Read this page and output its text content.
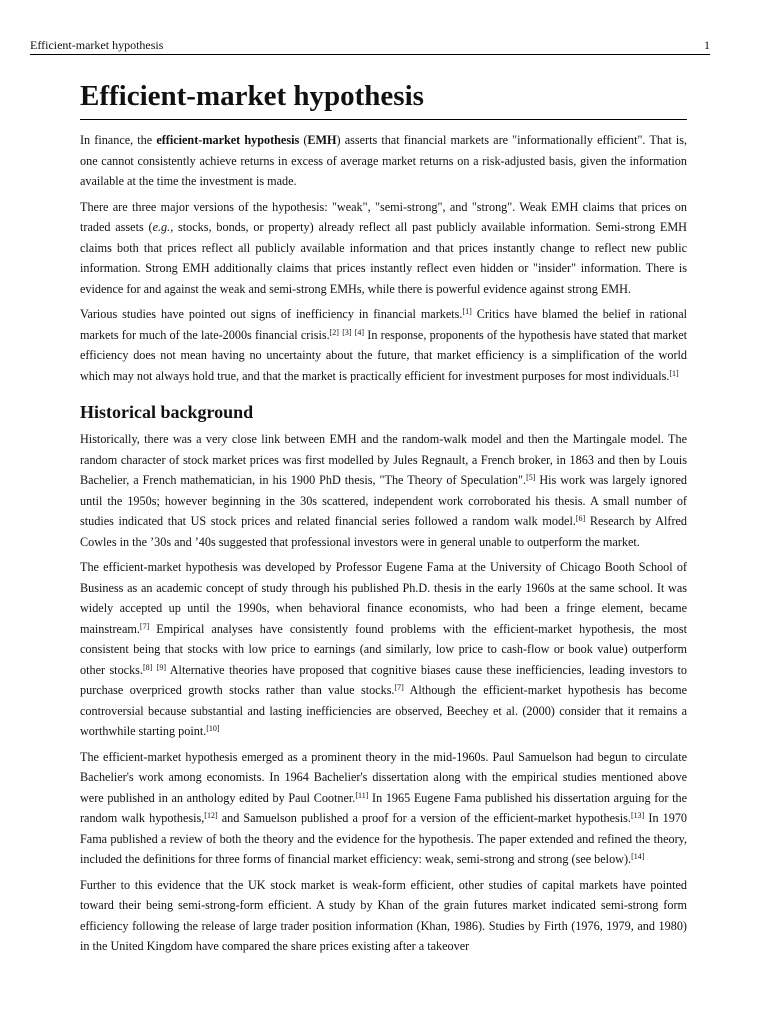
Efficient-market hypothesis	1
Efficient-market hypothesis

In finance, the efficient-market hypothesis (EMH) asserts that financial markets are "informationally efficient". That is, one cannot consistently achieve returns in excess of average market returns on a risk-adjusted basis, given the information available at the time the investment is made.

There are three major versions of the hypothesis: "weak", "semi-strong", and "strong". Weak EMH claims that prices on traded assets (e.g., stocks, bonds, or property) already reflect all past publicly available information. Semi-strong EMH claims both that prices reflect all publicly available information and that prices instantly change to reflect new public information. Strong EMH additionally claims that prices instantly reflect even hidden or "insider" information. There is evidence for and against the weak and semi-strong EMHs, while there is powerful evidence against strong EMH.

Various studies have pointed out signs of inefficiency in financial markets.[1] Critics have blamed the belief in rational markets for much of the late-2000s financial crisis.[2] [3] [4] In response, proponents of the hypothesis have stated that market efficiency does not mean having no uncertainty about the future, that market efficiency is a simplification of the world which may not always hold true, and that the market is practically efficient for investment purposes for most individuals.[1]

Historical background

Historically, there was a very close link between EMH and the random-walk model and then the Martingale model. The random character of stock market prices was first modelled by Jules Regnault, a French broker, in 1863 and then by Louis Bachelier, a French mathematician, in his 1900 PhD thesis, "The Theory of Speculation".[5] His work was largely ignored until the 1950s; however beginning in the 30s scattered, independent work corroborated his thesis. A small number of studies indicated that US stock prices and related financial series followed a random walk model.[6] Research by Alfred Cowles in the ’30s and ’40s suggested that professional investors were in general unable to outperform the market.

The efficient-market hypothesis was developed by Professor Eugene Fama at the University of Chicago Booth School of Business as an academic concept of study through his published Ph.D. thesis in the early 1960s at the same school. It was widely accepted up until the 1990s, when behavioral finance economists, who had been a fringe element, became mainstream.[7] Empirical analyses have consistently found problems with the efficient-market hypothesis, the most consistent being that stocks with low price to earnings (and similarly, low price to cash-flow or book value) outperform other stocks.[8] [9] Alternative theories have proposed that cognitive biases cause these inefficiencies, leading investors to purchase overpriced growth stocks rather than value stocks.[7] Although the efficient-market hypothesis has become controversial because substantial and lasting inefficiencies are observed, Beechey et al. (2000) consider that it remains a worthwhile starting point.[10]

The efficient-market hypothesis emerged as a prominent theory in the mid-1960s. Paul Samuelson had begun to circulate Bachelier's work among economists. In 1964 Bachelier's dissertation along with the empirical studies mentioned above were published in an anthology edited by Paul Cootner.[11] In 1965 Eugene Fama published his dissertation arguing for the random walk hypothesis,[12] and Samuelson published a proof for a version of the efficient-market hypothesis.[13] In 1970 Fama published a review of both the theory and the evidence for the hypothesis. The paper extended and refined the theory, included the definitions for three forms of financial market efficiency: weak, semi-strong and strong (see below).[14]

Further to this evidence that the UK stock market is weak-form efficient, other studies of capital markets have pointed toward their being semi-strong-form efficient. A study by Khan of the grain futures market indicated semi-strong form efficiency following the release of large trader position information (Khan, 1986). Studies by Firth (1976, 1979, and 1980) in the United Kingdom have compared the share prices existing after a takeover
